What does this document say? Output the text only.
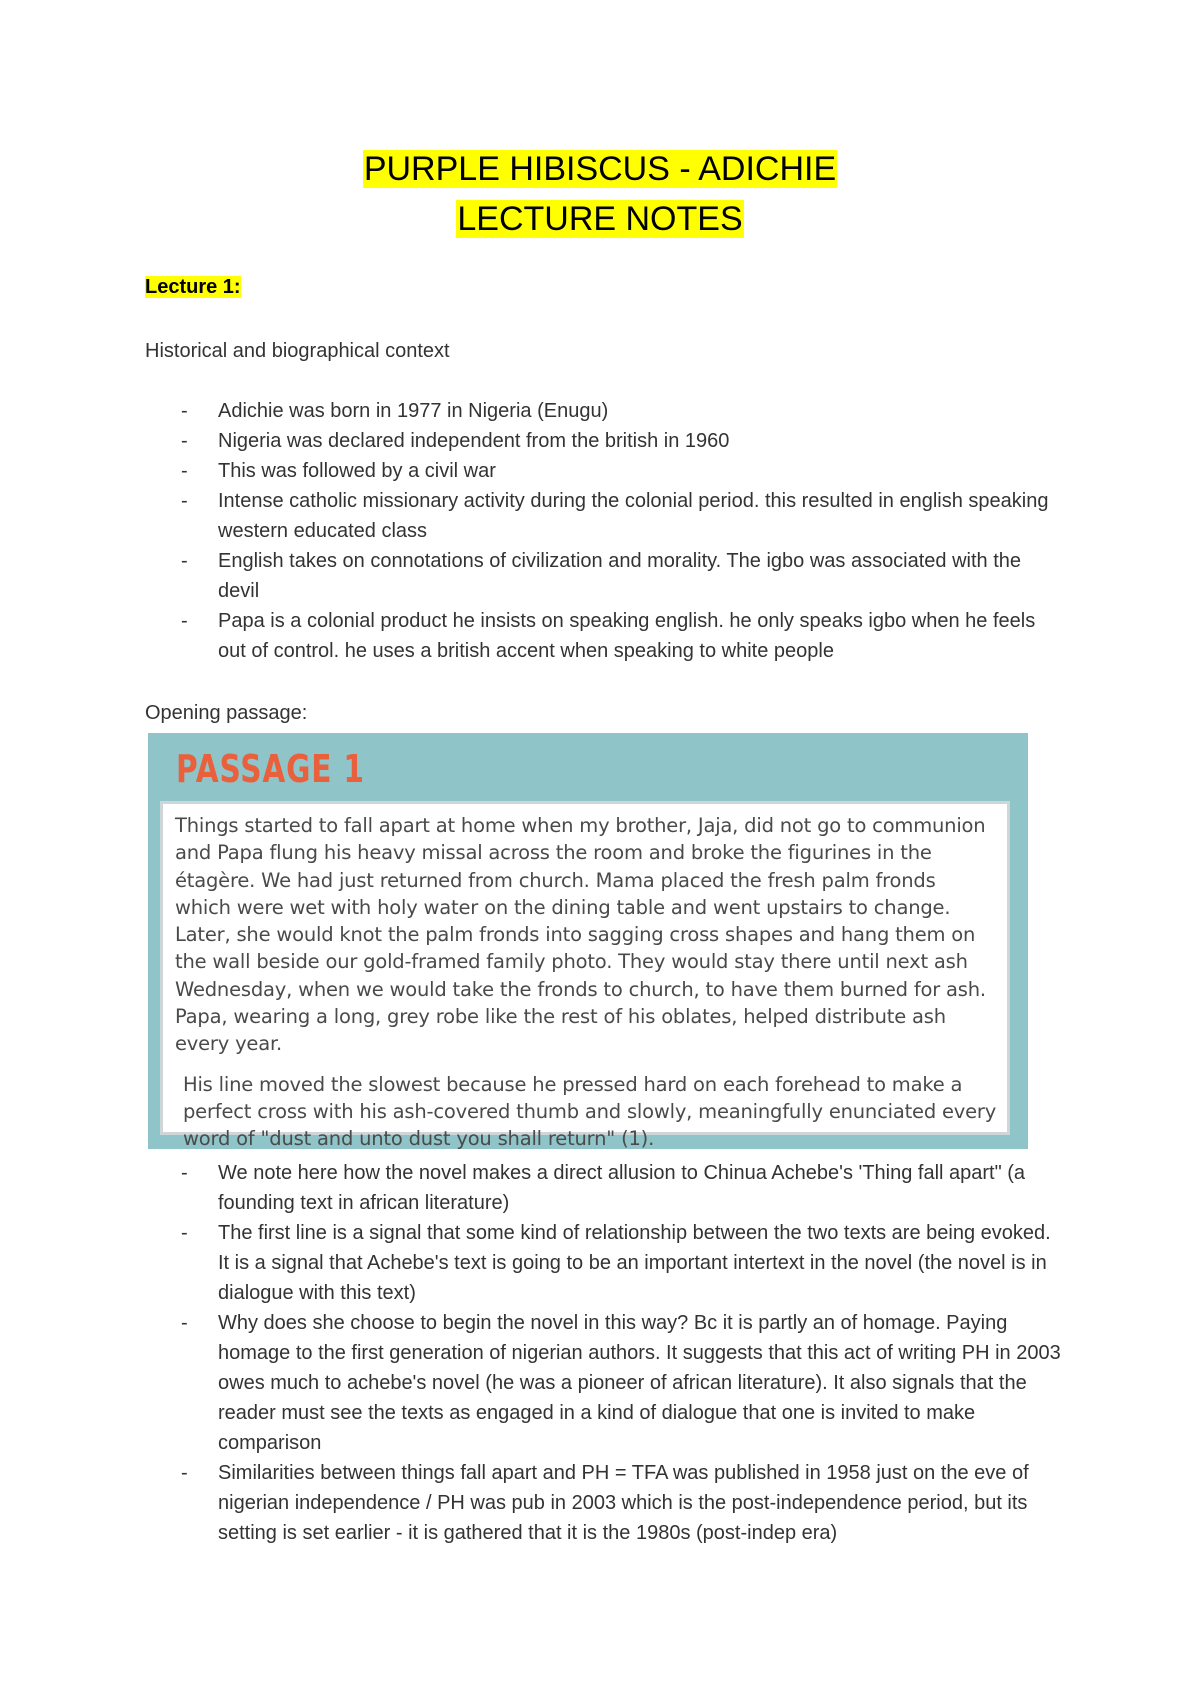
PURPLE HIBISCUS - ADICHIE
LECTURE NOTES
Lecture 1:
Historical and biographical context
- Adichie was born in 1977 in Nigeria (Enugu)
- Nigeria was declared independent from the british in 1960
- This was followed by a civil war
- Intense catholic missionary activity during the colonial period. this resulted in english speaking western educated class
- English takes on connotations of civilization and morality. The igbo was associated with the devil
- Papa is a colonial product he insists on speaking english. he only speaks igbo when he feels out of control. he uses a british accent when speaking to white people
Opening passage:
PASSAGE 1

Things started to fall apart at home when my brother, Jaja, did not go to communion and Papa flung his heavy missal across the room and broke the figurines in the étagère. We had just returned from church. Mama placed the fresh palm fronds which were wet with holy water on the dining table and went upstairs to change. Later, she would knot the palm fronds into sagging cross shapes and hang them on the wall beside our gold-framed family photo. They would stay there until next ash Wednesday, when we would take the fronds to church, to have them burned for ash. Papa, wearing a long, grey robe like the rest of his oblates, helped distribute ash every year.

His line moved the slowest because he pressed hard on each forehead to make a perfect cross with his ash-covered thumb and slowly, meaningfully enunciated every word of "dust and unto dust you shall return" (1).

- We note here how the novel makes a direct allusion to Chinua Achebe's 'Thing fall apart" (a founding text in african literature)
- The first line is a signal that some kind of relationship between the two texts are being evoked. It is a signal that Achebe's text is going to be an important intertext in the novel (the novel is in dialogue with this text)
- Why does she choose to begin the novel in this way? Bc it is partly an of homage. Paying homage to the first generation of nigerian authors. It suggests that this act of writing PH in 2003 owes much to achebe's novel (he was a pioneer of african literature). It also signals that the reader must see the texts as engaged in a kind of dialogue that one is invited to make comparison
- Similarities between things fall apart and PH = TFA was published in 1958 just on the eve of nigerian independence / PH was pub in 2003 which is the post-independence period, but its setting is set earlier - it is gathered that it is the 1980s (post-indep era)
